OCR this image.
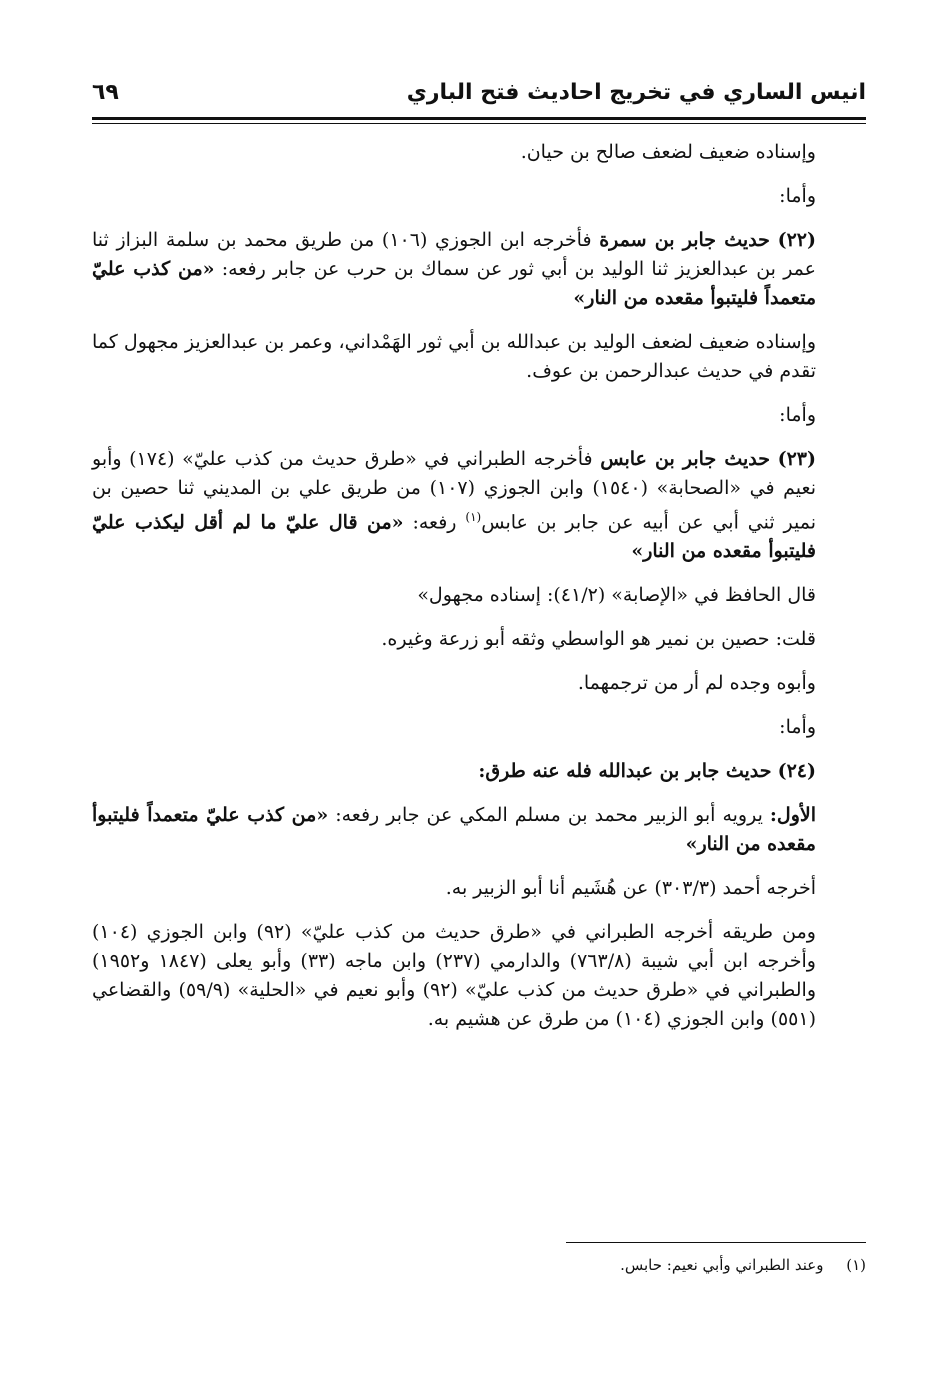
انيس الساري في تخريج احاديث فتح الباري
٦٩

وإسناده ضعيف لضعف صالح بن حيان.

وأما:

(٢٢) حديث جابر بن سمرة فأخرجه ابن الجوزي (١٠٦) من طريق محمد بن سلمة البزاز ثنا عمر بن عبدالعزيز ثنا الوليد بن أبي ثور عن سماك بن حرب عن جابر رفعه: «من كذب عليّ متعمداً فليتبوأ مقعده من النار»

وإسناده ضعيف لضعف الوليد بن عبدالله بن أبي ثور الهَمْداني، وعمر بن عبدالعزيز مجهول كما تقدم في حديث عبدالرحمن بن عوف.

وأما:

(٢٣) حديث جابر بن عابس فأخرجه الطبراني في «طرق حديث من كذب عليّ» (١٧٤) وأبو نعيم في «الصحابة» (١٥٤٠) وابن الجوزي (١٠٧) من طريق علي بن المديني ثنا حصين بن نمير ثني أبي عن أبيه عن جابر بن عابس$^{(١)}$ رفعه: «من قال عليّ ما لم أقل ليكذب عليّ فليتبوأ مقعده من النار»

قال الحافظ في «الإصابة» (٤١/٢): إسناده مجهول»

قلت: حصين بن نمير هو الواسطي وثقه أبو زرعة وغيره.

وأبوه وجده لم أر من ترجمهما.

وأما:

(٢٤) حديث جابر بن عبدالله فله عنه طرق:

الأول: يرويه أبو الزبير محمد بن مسلم المكي عن جابر رفعه: «من كذب عليّ متعمداً فليتبوأ مقعده من النار»

أخرجه أحمد (٣٠٣/٣) عن هُشَيم أنا أبو الزبير به.

ومن طريقه أخرجه الطبراني في «طرق حديث من كذب عليّ» (٩٢) وابن الجوزي (١٠٤) وأخرجه ابن أبي شيبة (٧٦٣/٨) والدارمي (٢٣٧) وابن ماجه (٣٣) وأبو يعلى (١٨٤٧ و١٩٥٢) والطبراني في «طرق حديث من كذب عليّ» (٩٢) وأبو نعيم في «الحلية» (٥٩/٩) والقضاعي (٥٥١) وابن الجوزي (١٠٤) من طرق عن هشيم به.

(١) وعند الطبراني وأبي نعيم: حابس.
